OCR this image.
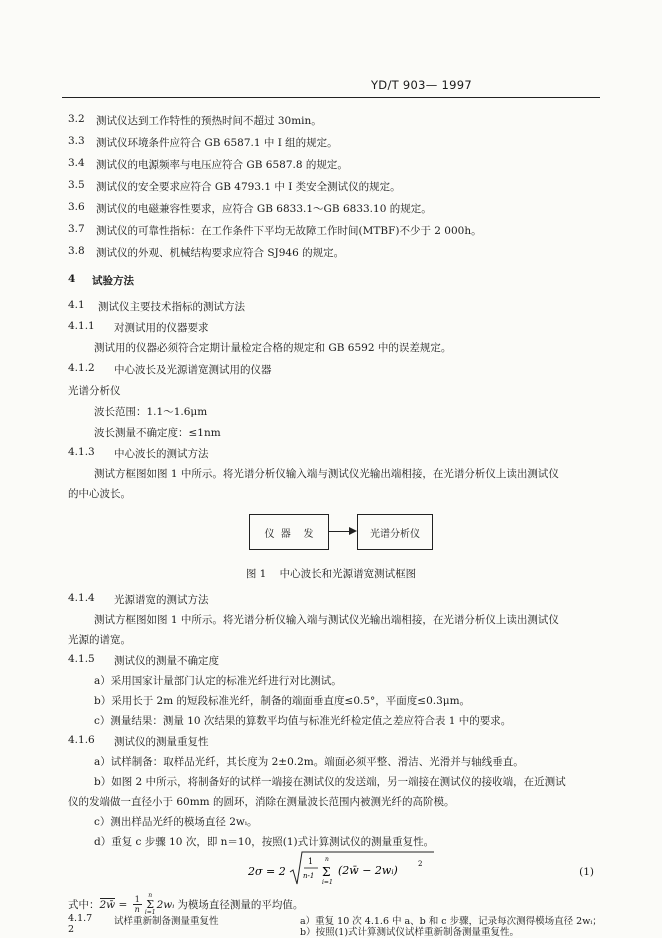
YD/T 903— 1997
3.2 测试仪达到工作特性的预热时间不超过 30min。
3.3 测试仪环境条件应符合 GB 6587.1 中 Ⅰ 组的规定。
3.4 测试仪的电源频率与电压应符合 GB 6587.8 的规定。
3.5 测试仪的安全要求应符合 GB 4793.1 中 Ⅰ 类安全测试仪的规定。
3.6 测试仪的电磁兼容性要求，应符合 GB 6833.1～GB 6833.10 的规定。
3.7 测试仪的可靠性指标：在工作条件下平均无故障工作时间(MTBF)不少于 2 000h。
3.8 测试仪的外观、机械结构要求应符合 SJ946 的规定。
4 试验方法
4.1 测试仪主要技术指标的测试方法
4.1.1 对测试用的仪器要求
测试用的仪器必须符合定期计量检定合格的规定和 GB 6592 中的误差规定。
4.1.2 中心波长及光源谱宽测试用的仪器
光谱分析仪
波长范围：1.1～1.6μm
波长测量不确定度：≤1nm
4.1.3 中心波长的测试方法
测试方框图如图 1 中所示。将光谱分析仪输入端与测试仪光输出端相接，在光谱分析仪上读出测试仪
的中心波长。
仪  器    发	光谱分析仪
图 1    中心波长和光源谱宽测试框图
4.1.4 光源谱宽的测试方法
测试方框图如图 1 中所示。将光谱分析仪输入端与测试仪光输出端相接，在光谱分析仪上读出测试仪
光源的谱宽。
4.1.5 测试仪的测量不确定度
a）采用国家计量部门认定的标准光纤进行对比测试。
b）采用长于 2m 的短段标准光纤，制备的端面垂直度≤0.5°，平面度≤0.3μm。
c）测量结果：测量 10 次结果的算数平均值与标准光纤检定值之差应符合表 1 中的要求。
4.1.6 测试仪的测量重复性
a）试样制备：取样品光纤，其长度为 2±0.2m。端面必须平整、滑洁、光滑并与轴线垂直。
b）如图 2 中所示，将制备好的试样一端接在测试仪的发送端，另一端接在测试仪的接收端，在近测试
仪的发端做一直径小于 60mm 的圆环，消除在测量波长范围内被测光纤的高阶模。
c）测出样品光纤的模场直径 2wᵢ。
d）重复 c 步骤 10 次，即 n＝10，按照(1)式计算测试仪的测量重复性。
2σ = 2
1
n-1
n
Σ
i=1
(2w̄ − 2wᵢ)	2
(1)
式中： 2w̄ = $\frac{1}{n}$ n
Σ
i=1
2wᵢ 为模场直径测量的平均值。
4.1.7 试样重新制备测量重复性	a）重复 10 次 4.1.6 中 a、b 和 c 步骤，记录每次测得模场直径 2wᵢ；
b）按照(1)式计算测试仪试样重新制备测量重复性。
2
